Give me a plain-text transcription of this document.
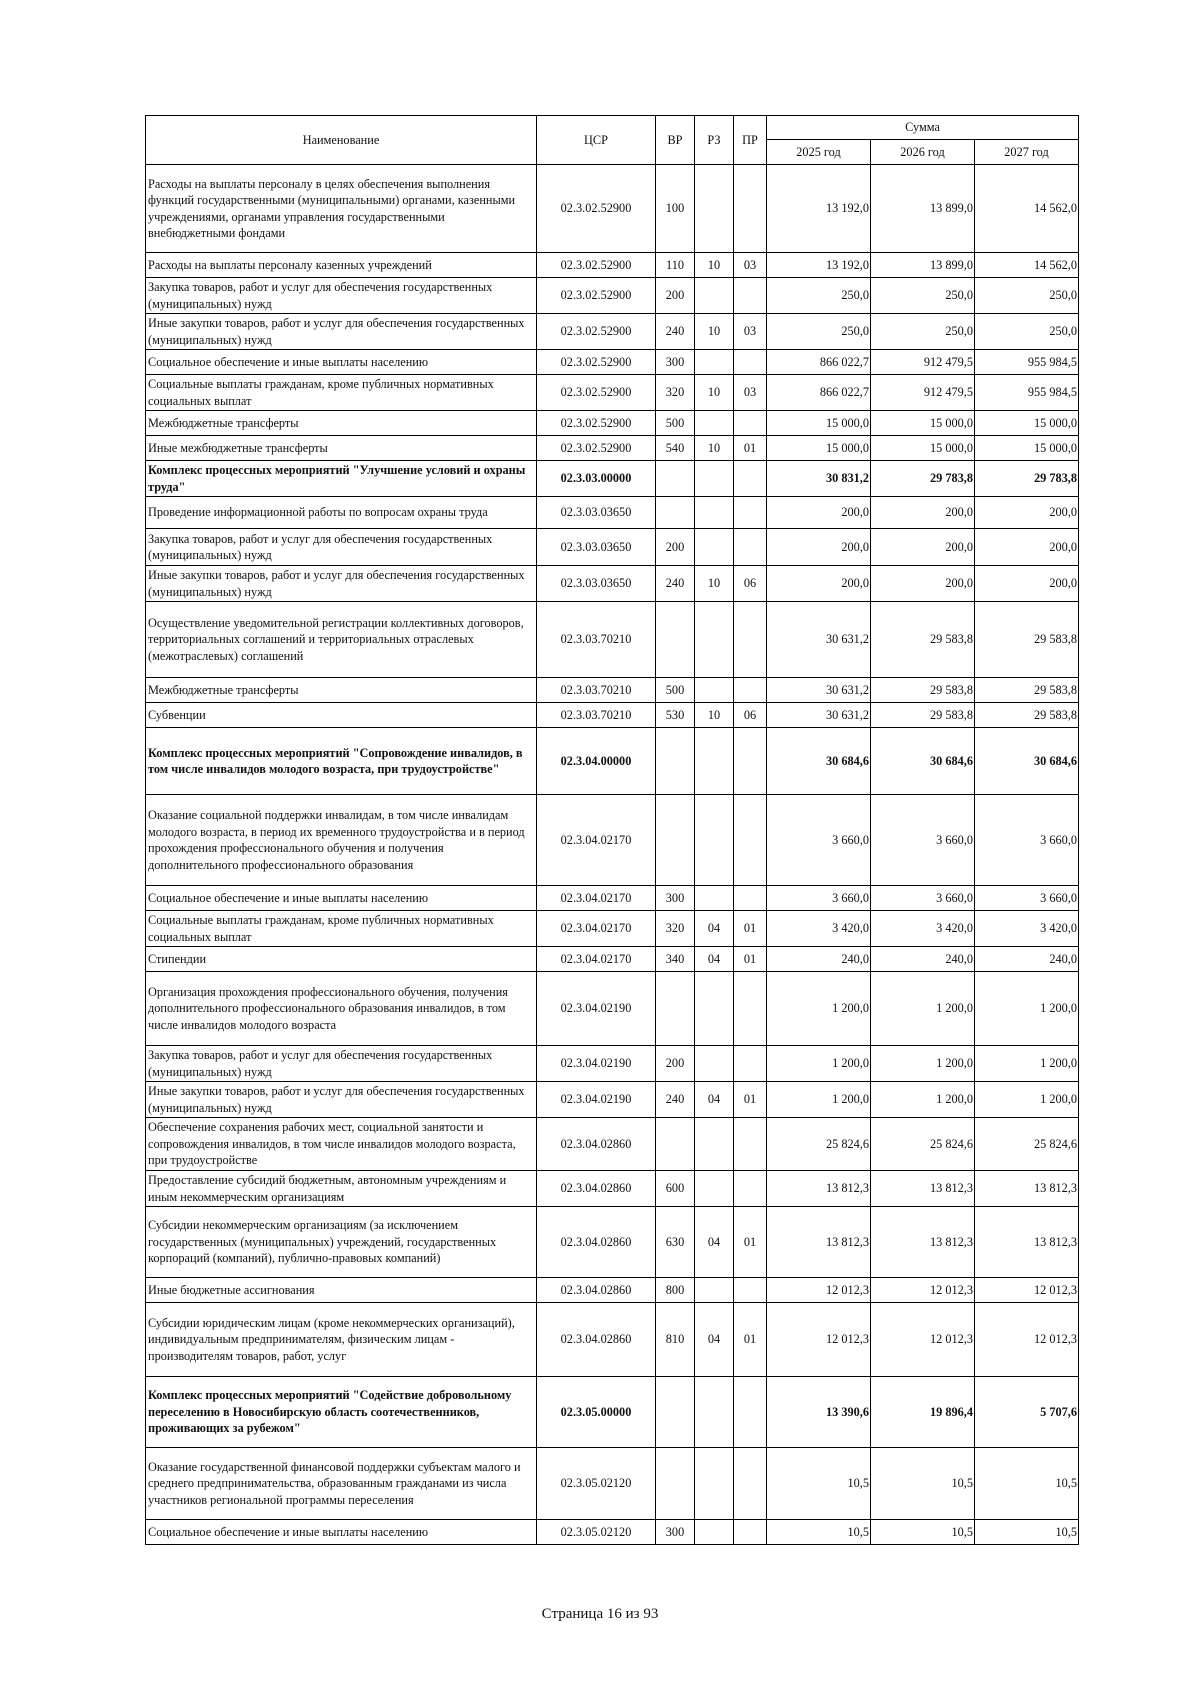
Наименование	ЦСР	ВР	РЗ	ПР	Сумма		
					2025 год	2026 год	2027 год
Расходы на выплаты персоналу в целях обеспечения выполнения функций государственными (муниципальными) органами, казенными учреждениями, органами управления государственными внебюджетными фондами	02.3.02.52900	100			13 192,0	13 899,0	14 562,0
Расходы на выплаты персоналу казенных учреждений	02.3.02.52900	110	10	03	13 192,0	13 899,0	14 562,0
Закупка товаров, работ и услуг для обеспечения государственных (муниципальных) нужд	02.3.02.52900	200			250,0	250,0	250,0
Иные закупки товаров, работ и услуг для обеспечения государственных (муниципальных) нужд	02.3.02.52900	240	10	03	250,0	250,0	250,0
Социальное обеспечение и иные выплаты населению	02.3.02.52900	300			866 022,7	912 479,5	955 984,5
Социальные выплаты гражданам, кроме публичных нормативных социальных выплат	02.3.02.52900	320	10	03	866 022,7	912 479,5	955 984,5
Межбюджетные трансферты	02.3.02.52900	500			15 000,0	15 000,0	15 000,0
Иные межбюджетные трансферты	02.3.02.52900	540	10	01	15 000,0	15 000,0	15 000,0
Комплекс процессных мероприятий "Улучшение условий и охраны труда"	02.3.03.00000				30 831,2	29 783,8	29 783,8
Проведение информационной работы по вопросам охраны труда	02.3.03.03650				200,0	200,0	200,0
Закупка товаров, работ и услуг для обеспечения государственных (муниципальных) нужд	02.3.03.03650	200			200,0	200,0	200,0
Иные закупки товаров, работ и услуг для обеспечения государственных (муниципальных) нужд	02.3.03.03650	240	10	06	200,0	200,0	200,0
Осуществление уведомительной регистрации коллективных договоров, территориальных соглашений и территориальных отраслевых (межотраслевых) соглашений	02.3.03.70210				30 631,2	29 583,8	29 583,8
Межбюджетные трансферты	02.3.03.70210	500			30 631,2	29 583,8	29 583,8
Субвенции	02.3.03.70210	530	10	06	30 631,2	29 583,8	29 583,8
Комплекс процессных мероприятий "Сопровождение инвалидов, в том числе инвалидов молодого возраста, при трудоустройстве"	02.3.04.00000				30 684,6	30 684,6	30 684,6
Оказание социальной поддержки инвалидам, в том числе инвалидам молодого возраста, в период их временного трудоустройства и в период прохождения профессионального обучения и получения дополнительного профессионального образования	02.3.04.02170				3 660,0	3 660,0	3 660,0
Социальное обеспечение и иные выплаты населению	02.3.04.02170	300			3 660,0	3 660,0	3 660,0
Социальные выплаты гражданам, кроме публичных нормативных социальных выплат	02.3.04.02170	320	04	01	3 420,0	3 420,0	3 420,0
Стипендии	02.3.04.02170	340	04	01	240,0	240,0	240,0
Организация прохождения профессионального обучения, получения дополнительного профессионального образования инвалидов, в том числе инвалидов молодого возраста	02.3.04.02190				1 200,0	1 200,0	1 200,0
Закупка товаров, работ и услуг для обеспечения государственных (муниципальных) нужд	02.3.04.02190	200			1 200,0	1 200,0	1 200,0
Иные закупки товаров, работ и услуг для обеспечения государственных (муниципальных) нужд	02.3.04.02190	240	04	01	1 200,0	1 200,0	1 200,0
Обеспечение сохранения рабочих мест, социальной занятости и сопровождения инвалидов, в том числе инвалидов молодого возраста, при трудоустройстве	02.3.04.02860				25 824,6	25 824,6	25 824,6
Предоставление субсидий бюджетным, автономным учреждениям и иным некоммерческим организациям	02.3.04.02860	600			13 812,3	13 812,3	13 812,3
Субсидии некоммерческим организациям (за исключением государственных (муниципальных) учреждений, государственных корпораций (компаний), публично-правовых компаний)	02.3.04.02860	630	04	01	13 812,3	13 812,3	13 812,3
Иные бюджетные ассигнования	02.3.04.02860	800			12 012,3	12 012,3	12 012,3
Субсидии юридическим лицам (кроме некоммерческих организаций), индивидуальным предпринимателям, физическим лицам - производителям товаров, работ, услуг	02.3.04.02860	810	04	01	12 012,3	12 012,3	12 012,3
Комплекс процессных мероприятий "Содействие добровольному переселению в Новосибирскую область соотечественников, проживающих за рубежом"	02.3.05.00000				13 390,6	19 896,4	5 707,6
Оказание государственной финансовой поддержки субъектам малого и среднего предпринимательства, образованным гражданами из числа участников региональной программы переселения	02.3.05.02120				10,5	10,5	10,5
Социальное обеспечение и иные выплаты населению	02.3.05.02120	300			10,5	10,5	10,5
Страница 16 из 93
